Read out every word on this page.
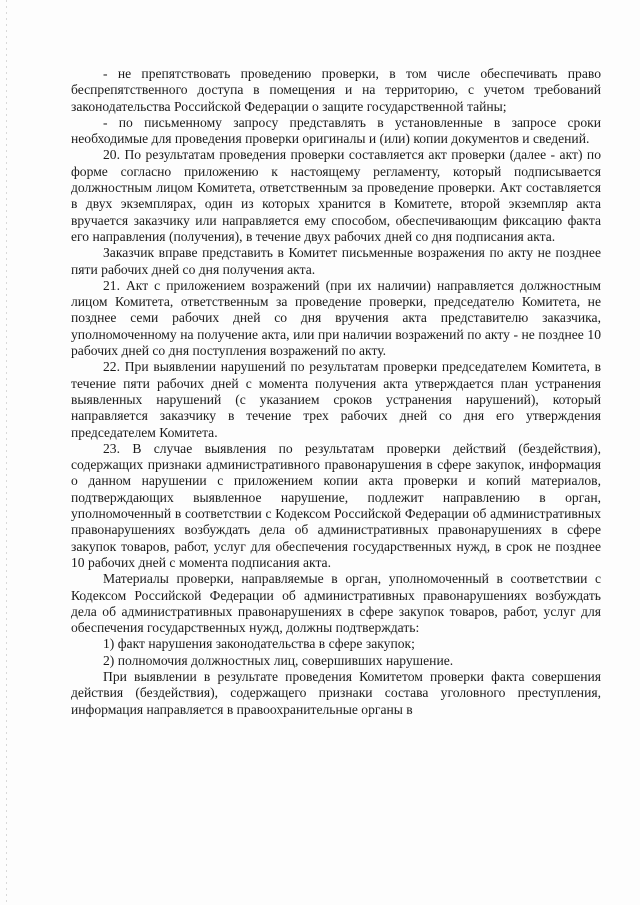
- не препятствовать проведению проверки, в том числе обеспечивать право беспрепятственного доступа в помещения и на территорию, с учетом требований законодательства Российской Федерации о защите государственной тайны;

- по письменному запросу представлять в установленные в запросе сроки необходимые для проведения проверки оригиналы и (или) копии документов и сведений.

20. По результатам проведения проверки составляется акт проверки (далее - акт) по форме согласно приложению к настоящему регламенту, который подписывается должностным лицом Комитета, ответственным за проведение проверки. Акт составляется в двух экземплярах, один из которых хранится в Комитете, второй экземпляр акта вручается заказчику или направляется ему способом, обеспечивающим фиксацию факта его направления (получения), в течение двух рабочих дней со дня подписания акта.

Заказчик вправе представить в Комитет письменные возражения по акту не позднее пяти рабочих дней со дня получения акта.

21. Акт с приложением возражений (при их наличии) направляется должностным лицом Комитета, ответственным за проведение проверки, председателю Комитета, не позднее семи рабочих дней со дня вручения акта представителю заказчика, уполномоченному на получение акта, или при наличии возражений по акту - не позднее 10 рабочих дней со дня поступления возражений по акту.

22. При выявлении нарушений по результатам проверки председателем Комитета, в течение пяти рабочих дней с момента получения акта утверждается план устранения выявленных нарушений (с указанием сроков устранения нарушений), который направляется заказчику в течение трех рабочих дней со дня его утверждения председателем Комитета.

23. В случае выявления по результатам проверки действий (бездействия), содержащих признаки административного правонарушения в сфере закупок, информация о данном нарушении с приложением копии акта проверки и копий материалов, подтверждающих выявленное нарушение, подлежит направлению в орган, уполномоченный в соответствии с Кодексом Российской Федерации об административных правонарушениях возбуждать дела об административных правонарушениях в сфере закупок товаров, работ, услуг для обеспечения государственных нужд, в срок не позднее 10 рабочих дней с момента подписания акта.

Материалы проверки, направляемые в орган, уполномоченный в соответствии с Кодексом Российской Федерации об административных правонарушениях возбуждать дела об административных правонарушениях в сфере закупок товаров, работ, услуг для обеспечения государственных нужд, должны подтверждать:

1) факт нарушения законодательства в сфере закупок;

2) полномочия должностных лиц, совершивших нарушение.

При выявлении в результате проведения Комитетом проверки факта совершения действия (бездействия), содержащего признаки состава уголовного преступления, информация направляется в правоохранительные органы в
